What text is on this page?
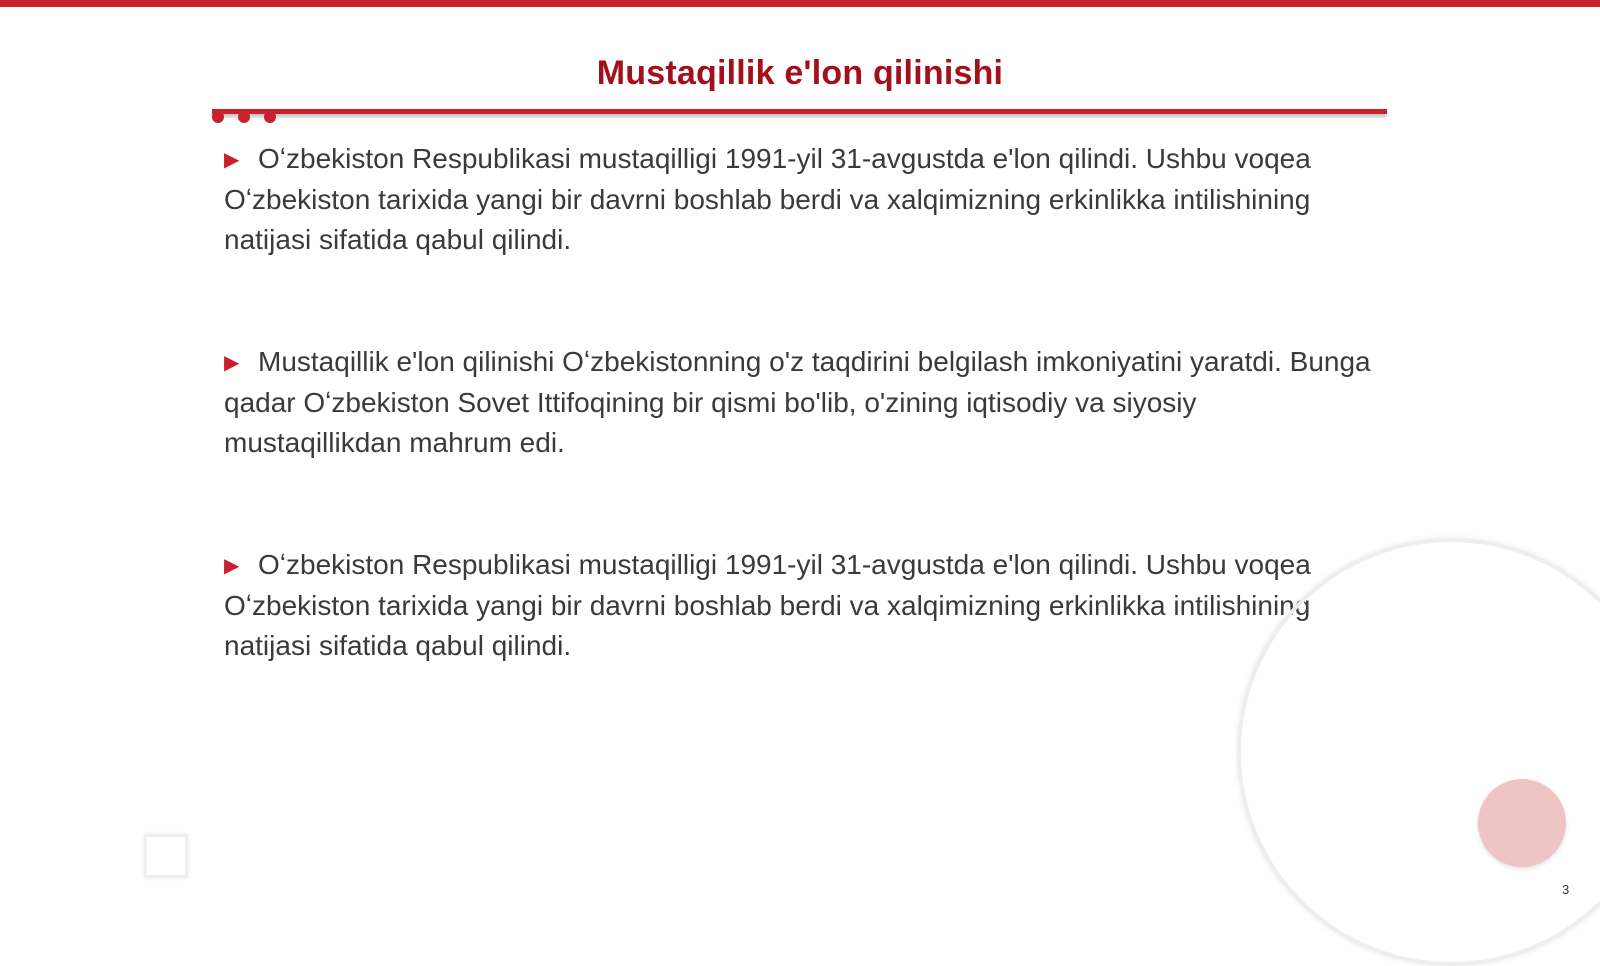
Mustaqillik e'lon qilinishi

▶ Oʻzbekiston Respublikasi mustaqilligi 1991-yil 31-avgustda e'lon qilindi. Ushbu voqea Oʻzbekiston tarixida yangi bir davrni boshlab berdi va xalqimizning erkinlikka intilishining natijasi sifatida qabul qilindi.

▶ Mustaqillik e'lon qilinishi Oʻzbekistonning o'z taqdirini belgilash imkoniyatini yaratdi. Bunga qadar Oʻzbekiston Sovet Ittifoqining bir qismi bo'lib, o'zining iqtisodiy va siyosiy mustaqillikdan mahrum edi.

▶ Oʻzbekiston Respublikasi mustaqilligi 1991-yil 31-avgustda e'lon qilindi. Ushbu voqea Oʻzbekiston tarixida yangi bir davrni boshlab berdi va xalqimizning erkinlikka intilishining natijasi sifatida qabul qilindi.

3
